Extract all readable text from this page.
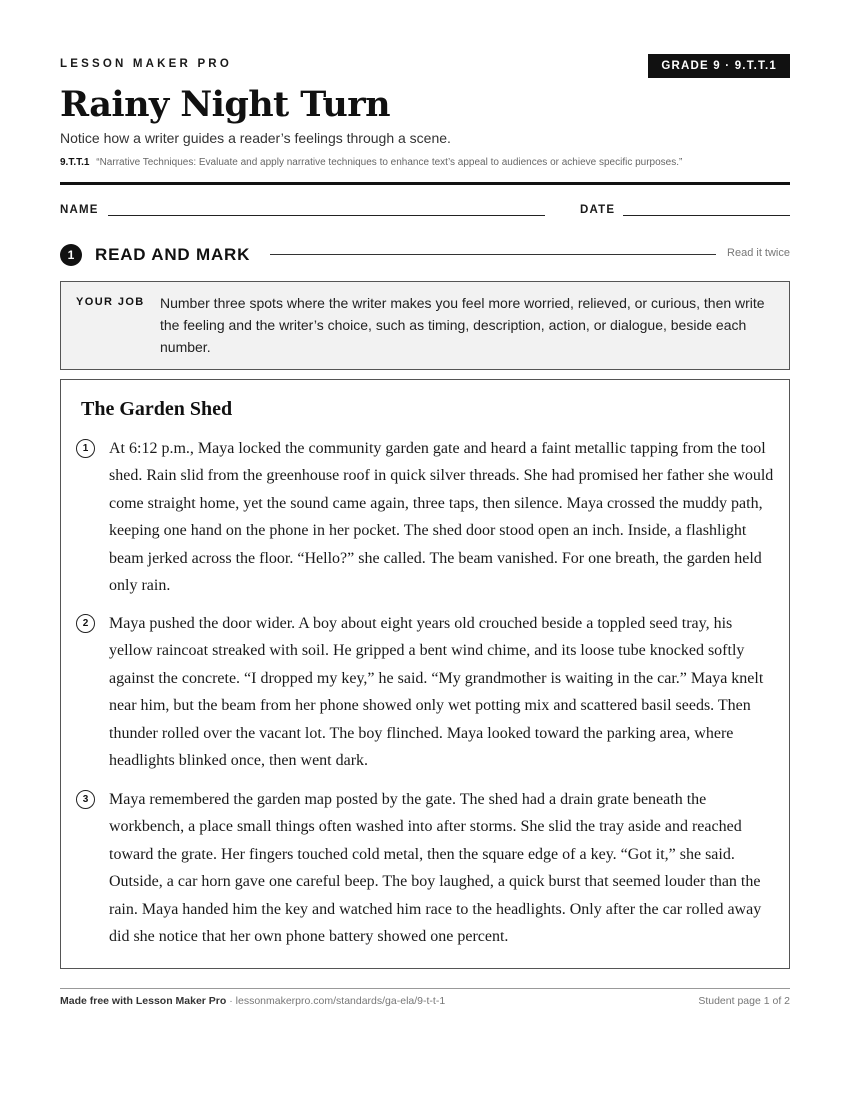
LESSON MAKER PRO	GRADE 9 · 9.T.T.1
Rainy Night Turn
Notice how a writer guides a reader’s feelings through a scene.
9.T.T.1 “Narrative Techniques: Evaluate and apply narrative techniques to enhance text’s appeal to audiences or achieve specific purposes.”
NAME	DATE
1	READ AND MARK	Read it twice
YOUR JOB Number three spots where the writer makes you feel more worried, relieved, or curious, then write the feeling and the writer’s choice, such as timing, description, action, or dialogue, beside each number.
The Garden Shed
1	At 6:12 p.m., Maya locked the community garden gate and heard a faint metallic tapping from the tool shed. Rain slid from the greenhouse roof in quick silver threads. She had promised her father she would come straight home, yet the sound came again, three taps, then silence. Maya crossed the muddy path, keeping one hand on the phone in her pocket. The shed door stood open an inch. Inside, a flashlight beam jerked across the floor. “Hello?” she called. The beam vanished. For one breath, the garden held only rain.
2	Maya pushed the door wider. A boy about eight years old crouched beside a toppled seed tray, his yellow raincoat streaked with soil. He gripped a bent wind chime, and its loose tube knocked softly against the concrete. “I dropped my key,” he said. “My grandmother is waiting in the car.” Maya knelt near him, but the beam from her phone showed only wet potting mix and scattered basil seeds. Then thunder rolled over the vacant lot. The boy flinched. Maya looked toward the parking area, where headlights blinked once, then went dark.
3	Maya remembered the garden map posted by the gate. The shed had a drain grate beneath the workbench, a place small things often washed into after storms. She slid the tray aside and reached toward the grate. Her fingers touched cold metal, then the square edge of a key. “Got it,” she said. Outside, a car horn gave one careful beep. The boy laughed, a quick burst that seemed louder than the rain. Maya handed him the key and watched him race to the headlights. Only after the car rolled away did she notice that her own phone battery showed one percent.
Made free with Lesson Maker Pro · lessonmakerpro.com/standards/ga-ela/9-t-t-1	Student page 1 of 2
